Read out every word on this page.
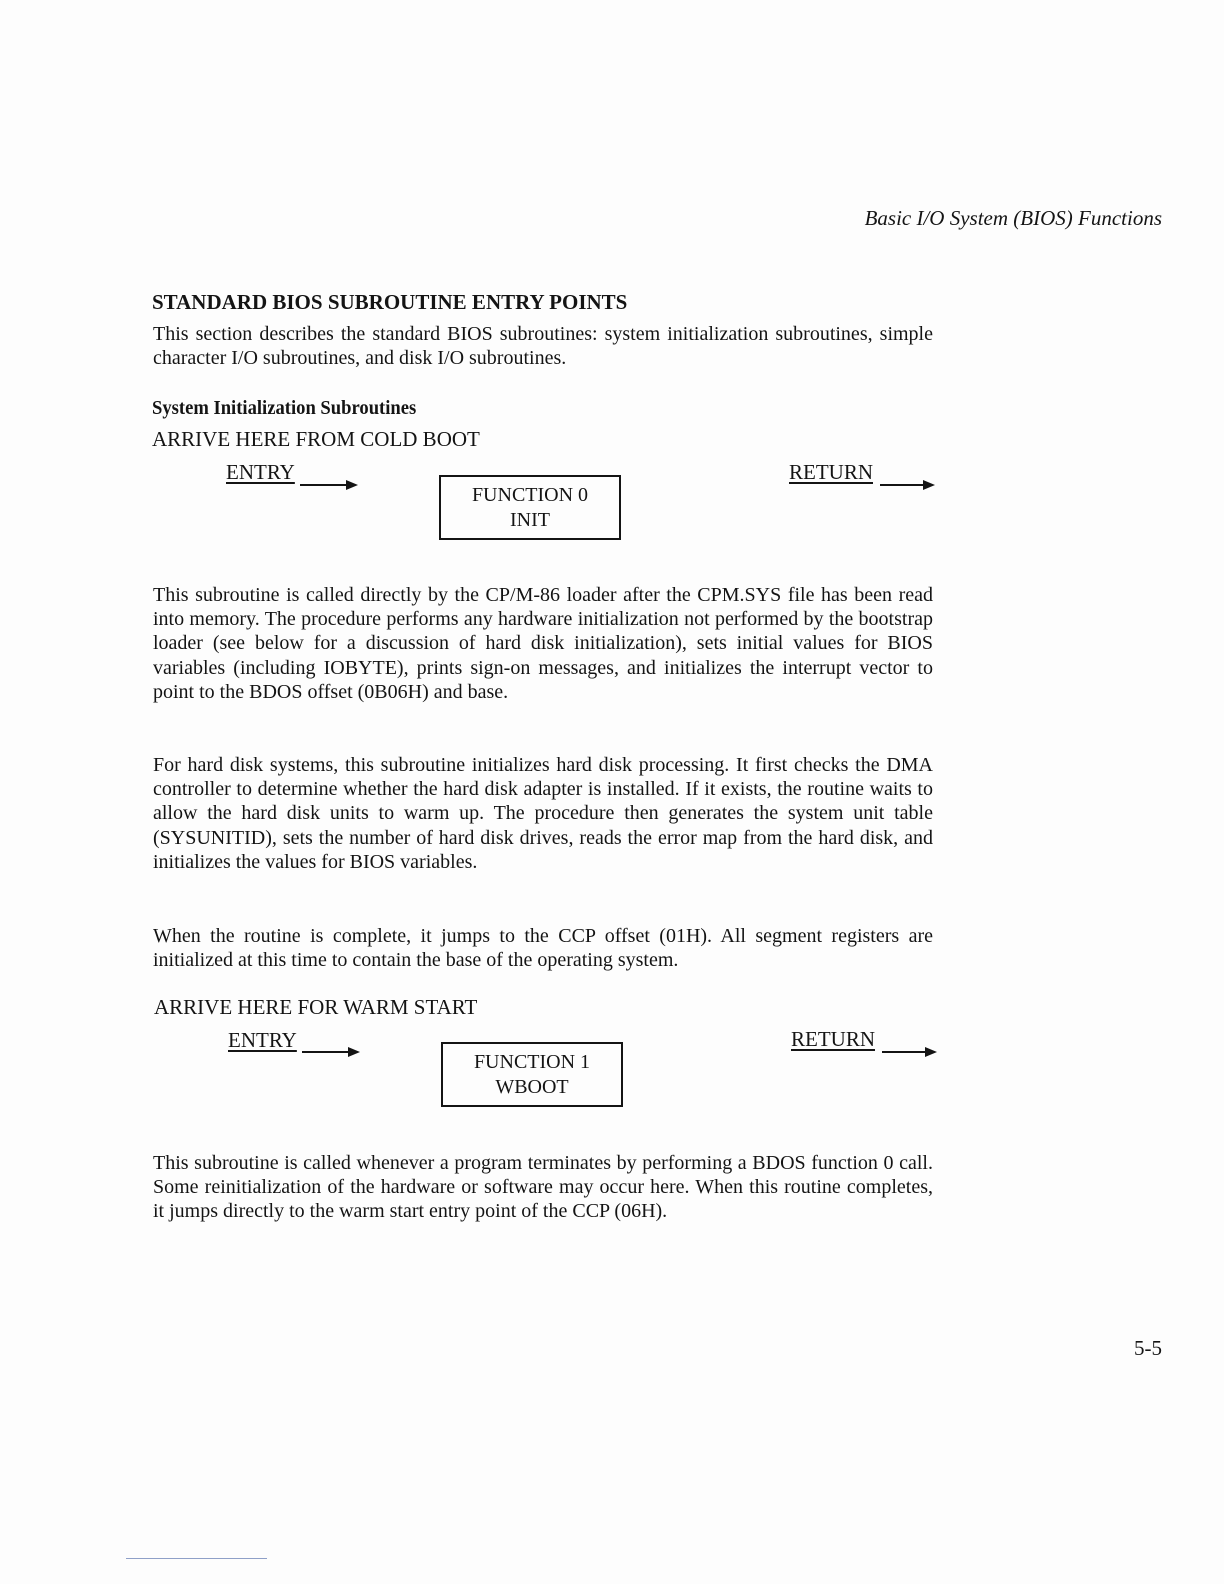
Basic I/O System (BIOS) Functions
STANDARD BIOS SUBROUTINE ENTRY POINTS

This section describes the standard BIOS subroutines: system initialization subroutines, simple character I/O subroutines, and disk I/O subroutines.

System Initialization Subroutines
ARRIVE HERE FROM COLD BOOT
ENTRY
FUNCTION 0
INIT
RETURN

This subroutine is called directly by the CP/M-86 loader after the CPM.SYS file has been read into memory. The procedure performs any hardware initialization not performed by the bootstrap loader (see below for a discussion of hard disk initialization), sets initial values for BIOS variables (including IOBYTE), prints sign-on messages, and initializes the interrupt vector to point to the BDOS offset (0B06H) and base.

For hard disk systems, this subroutine initializes hard disk processing. It first checks the DMA controller to determine whether the hard disk adapter is installed. If it exists, the routine waits to allow the hard disk units to warm up. The procedure then generates the system unit table (SYSUNITID), sets the number of hard disk drives, reads the error map from the hard disk, and initializes the values for BIOS variables.

When the routine is complete, it jumps to the CCP offset (01H). All segment registers are initialized at this time to contain the base of the operating system.

ARRIVE HERE FOR WARM START
ENTRY
FUNCTION 1
WBOOT
RETURN

This subroutine is called whenever a program terminates by performing a BDOS function 0 call. Some reinitialization of the hardware or software may occur here. When this routine completes, it jumps directly to the warm start entry point of the CCP (06H).

5-5
